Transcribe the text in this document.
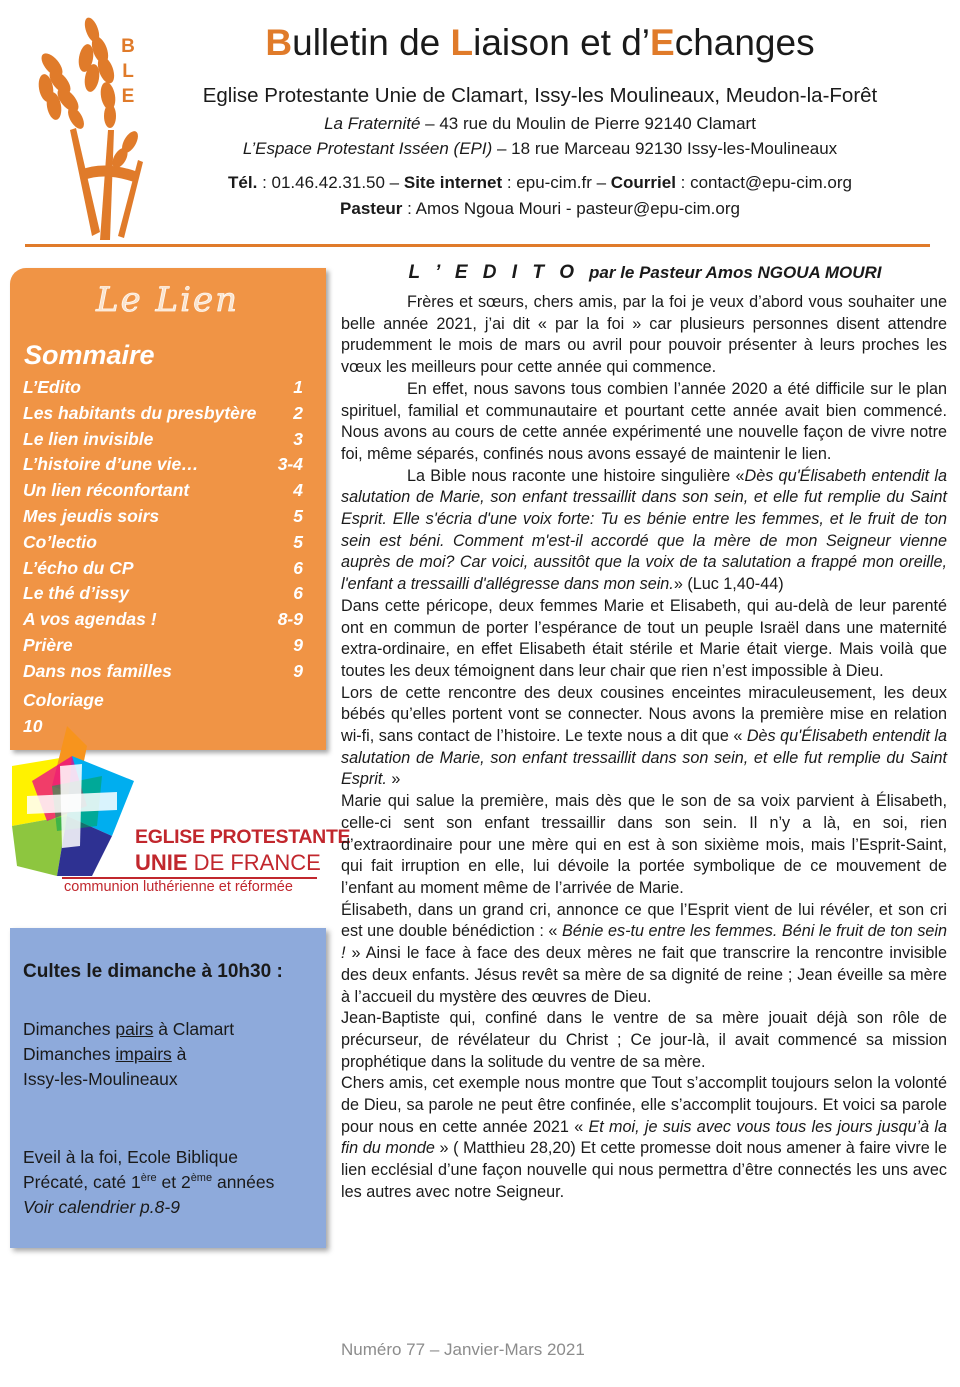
B
L
E
Bulletin de Liaison et d’Echanges
Eglise Protestante Unie de Clamart, Issy-les Moulineaux, Meudon-la-Forêt
La Fraternité – 43 rue du Moulin de Pierre 92140 Clamart
L’Espace Protestant Isséen (EPI) – 18 rue Marceau 92130 Issy-les-Moulineaux
Tél. : 01.46.42.31.50 – Site internet : epu-cim.fr – Courriel : contact@epu-cim.org
Pasteur : Amos Ngoua Mouri - pasteur@epu-cim.org
Le Lien
Sommaire
L’Edito	1
Les habitants du presbytère 2
Le lien invisible	3
L’histoire d’une vie…	3-4
Un lien réconfortant	4
Mes jeudis soirs	5
Co’lectio	5
L’écho du CP	6
Le thé d’issy	6
A vos agendas !	8-9
Prière	9
Dans nos familles	9
Coloriage
10
EGLISE PROTESTANTE
UNIE DE FRANCE
communion luthérienne et réformée
Cultes le dimanche à 10h30 :
Dimanches pairs à Clamart
Dimanches impairs à
Issy-les-Moulineaux
Eveil à la foi, Ecole Biblique
Précaté, caté 1ère et 2ème années
Voir calendrier p.8-9
L ’ E D I T O par le Pasteur Amos NGOUA MOURI

Frères et sœurs, chers amis, par la foi je veux d’abord vous souhaiter une belle année 2021, j’ai dit « par la foi » car plusieurs personnes disent attendre prudemment le mois de mars ou avril pour pouvoir présenter à leurs proches les vœux les meilleurs pour cette année qui commence.

En effet, nous savons tous combien l’année 2020 a été difficile sur le plan spirituel, familial et communautaire et pourtant cette année avait bien commencé. Nous avons au cours de cette année expérimenté une nouvelle façon de vivre notre foi, même séparés, confinés nous avons essayé de maintenir le lien.

La Bible nous raconte une histoire singulière «Dès qu'Élisabeth entendit la salutation de Marie, son enfant tressaillit dans son sein, et elle fut remplie du Saint Esprit. Elle s'écria d'une voix forte: Tu es bénie entre les femmes, et le fruit de ton sein est béni. Comment m'est-il accordé que la mère de mon Seigneur vienne auprès de moi? Car voici, aussitôt que la voix de ta salutation a frappé mon oreille, l'enfant a tressailli d'allégresse dans mon sein.» (Luc 1,40-44)

Dans cette péricope, deux femmes Marie et Elisabeth, qui au-delà de leur parenté ont en commun de porter l’espérance de tout un peuple Israël dans une maternité extra-ordinaire, en effet Elisabeth était stérile et Marie était vierge. Mais voilà que toutes les deux témoignent dans leur chair que rien n’est impossible à Dieu.

Lors de cette rencontre des deux cousines enceintes miraculeusement, les deux bébés qu’elles portent vont se connecter. Nous avons la première mise en relation wi-fi, sans contact de l’histoire. Le texte nous a dit que « Dès qu'Élisabeth entendit la salutation de Marie, son enfant tressaillit dans son sein, et elle fut remplie du Saint Esprit. »

Marie qui salue la première, mais dès que le son de sa voix parvient à Élisabeth, celle-ci sent son enfant tressaillir dans son sein. Il n’y a là, en soi, rien d’extraordinaire pour une mère qui en est à son sixième mois, mais l’Esprit-Saint, qui fait irruption en elle, lui dévoile la portée symbolique de ce mouvement de l’enfant au moment même de l’arrivée de Marie.

Élisabeth, dans un grand cri, annonce ce que l’Esprit vient de lui révéler, et son cri est une double bénédiction : « Bénie es-tu entre les femmes. Béni le fruit de ton sein ! » Ainsi le face à face des deux mères ne fait que transcrire la rencontre invisible des deux enfants. Jésus revêt sa mère de sa dignité de reine ; Jean éveille sa mère à l’accueil du mystère des œuvres de Dieu.

Jean-Baptiste qui, confiné dans le ventre de sa mère jouait déjà son rôle de précurseur, de révélateur du Christ ; Ce jour-là, il avait commencé sa mission prophétique dans la solitude du ventre de sa mère.

Chers amis, cet exemple nous montre que Tout s’accomplit toujours selon la volonté de Dieu, sa parole ne peut être confinée, elle s’accomplit toujours. Et voici sa parole pour nous en cette année 2021 « Et moi, je suis avec vous tous les jours jusqu’à la fin du monde » ( Matthieu 28,20) Et cette promesse doit nous amener à faire vivre le lien ecclésial d’une façon nouvelle qui nous permettra d’être connectés les uns avec les autres avec notre Seigneur.

Numéro 77 – Janvier-Mars 2021
